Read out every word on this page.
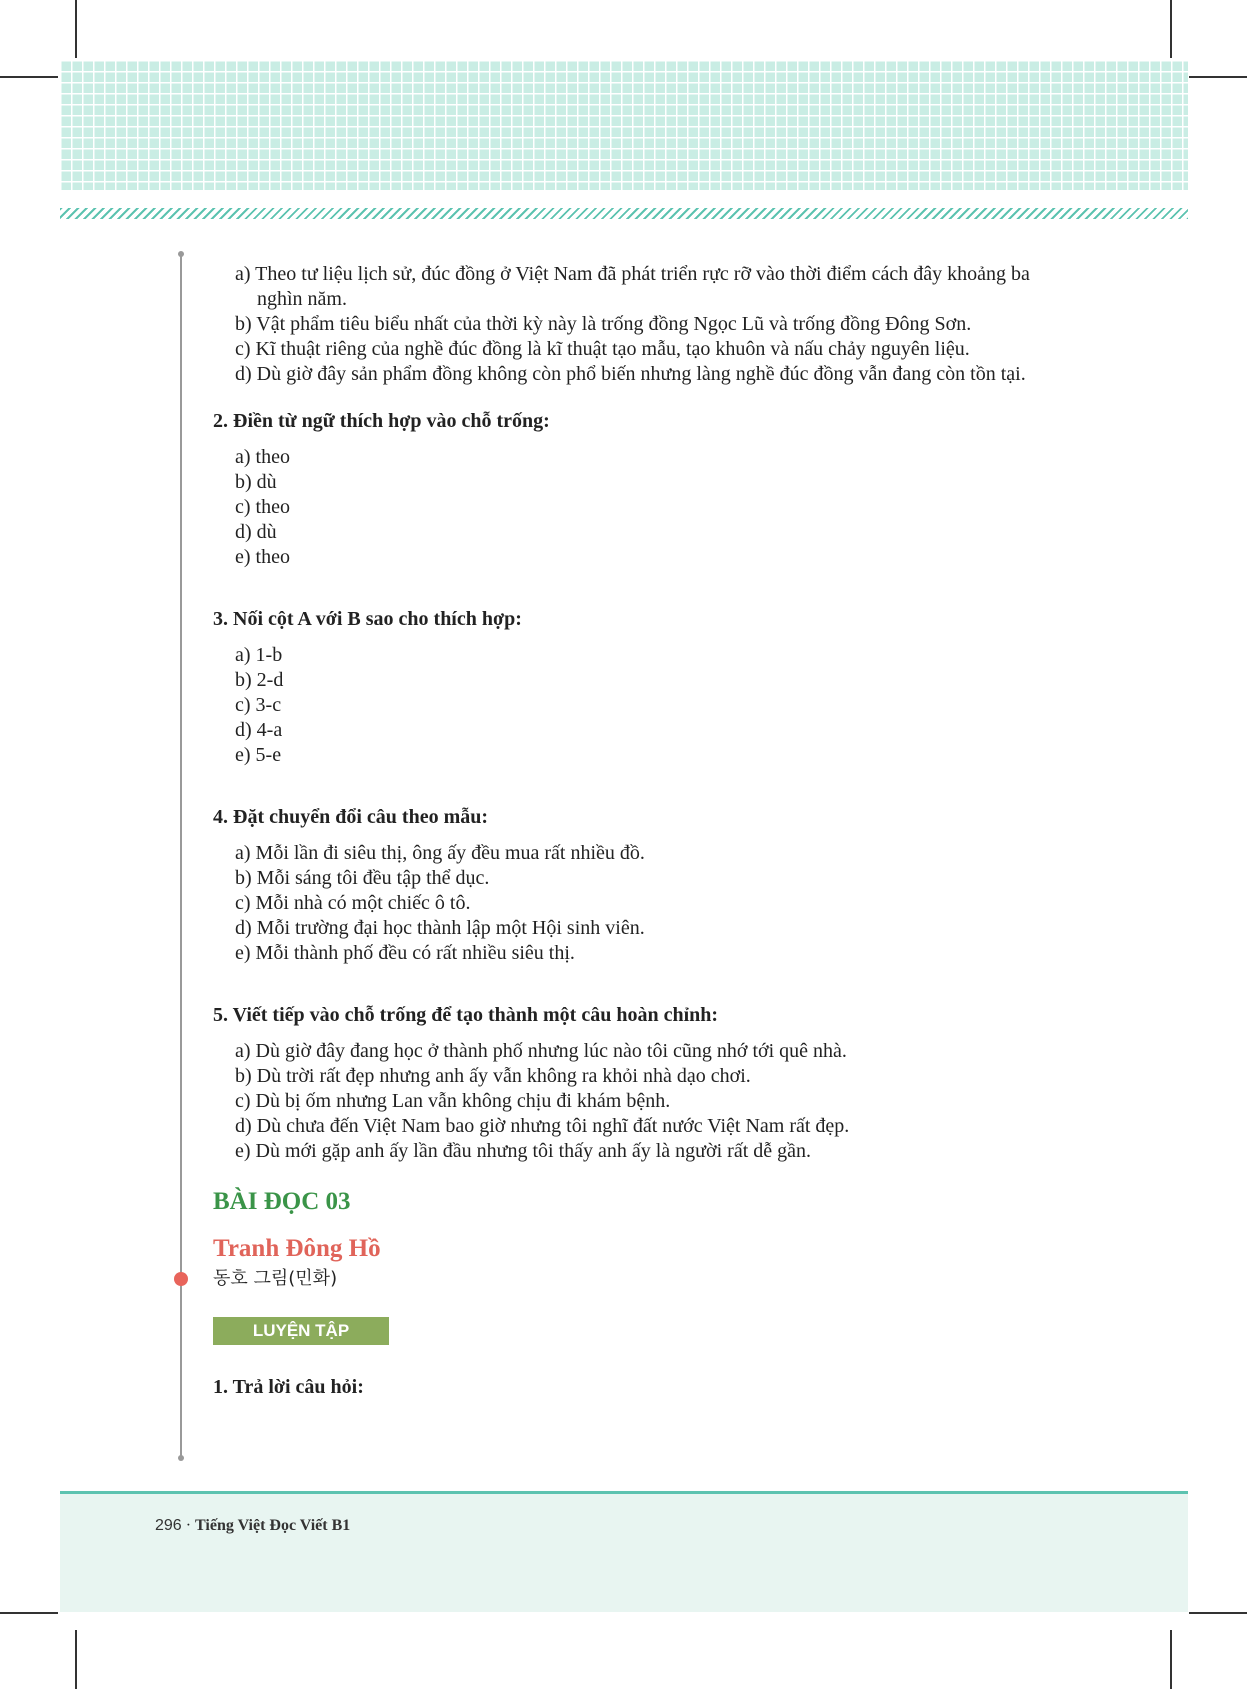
a) Theo tư liệu lịch sử, đúc đồng ở Việt Nam đã phát triển rực rỡ vào thời điểm cách đây khoảng ba nghìn năm.
b) Vật phẩm tiêu biểu nhất của thời kỳ này là trống đồng Ngọc Lũ và trống đồng Đông Sơn.
c) Kĩ thuật riêng của nghề đúc đồng là kĩ thuật tạo mẫu, tạo khuôn và nấu chảy nguyên liệu.
d) Dù giờ đây sản phẩm đồng không còn phổ biến nhưng làng nghề đúc đồng vẫn đang còn tồn tại.
2. Điền từ ngữ thích hợp vào chỗ trống:
a) theo
b) dù
c) theo
d) dù
e) theo
3. Nối cột A với B sao cho thích hợp:
a) 1-b
b) 2-d
c) 3-c
d) 4-a
e) 5-e
4. Đặt chuyển đổi câu theo mẫu:
a) Mỗi lần đi siêu thị, ông ấy đều mua rất nhiều đồ.
b) Mỗi sáng tôi đều tập thể dục.
c) Mỗi nhà có một chiếc ô tô.
d) Mỗi trường đại học thành lập một Hội sinh viên.
e) Mỗi thành phố đều có rất nhiều siêu thị.
5. Viết tiếp vào chỗ trống để tạo thành một câu hoàn chỉnh:
a) Dù giờ đây đang học ở thành phố nhưng lúc nào tôi cũng nhớ tới quê nhà.
b) Dù trời rất đẹp nhưng anh ấy vẫn không ra khỏi nhà dạo chơi.
c) Dù bị ốm nhưng Lan vẫn không chịu đi khám bệnh.
d) Dù chưa đến Việt Nam bao giờ nhưng tôi nghĩ đất nước Việt Nam rất đẹp.
e) Dù mới gặp anh ấy lần đầu nhưng tôi thấy anh ấy là người rất dễ gần.
BÀI ĐỌC 03
Tranh Đông Hồ
동호 그림(민화)
LUYỆN TẬP
1. Trả lời câu hỏi:
296 · Tiếng Việt Đọc Viết B1
